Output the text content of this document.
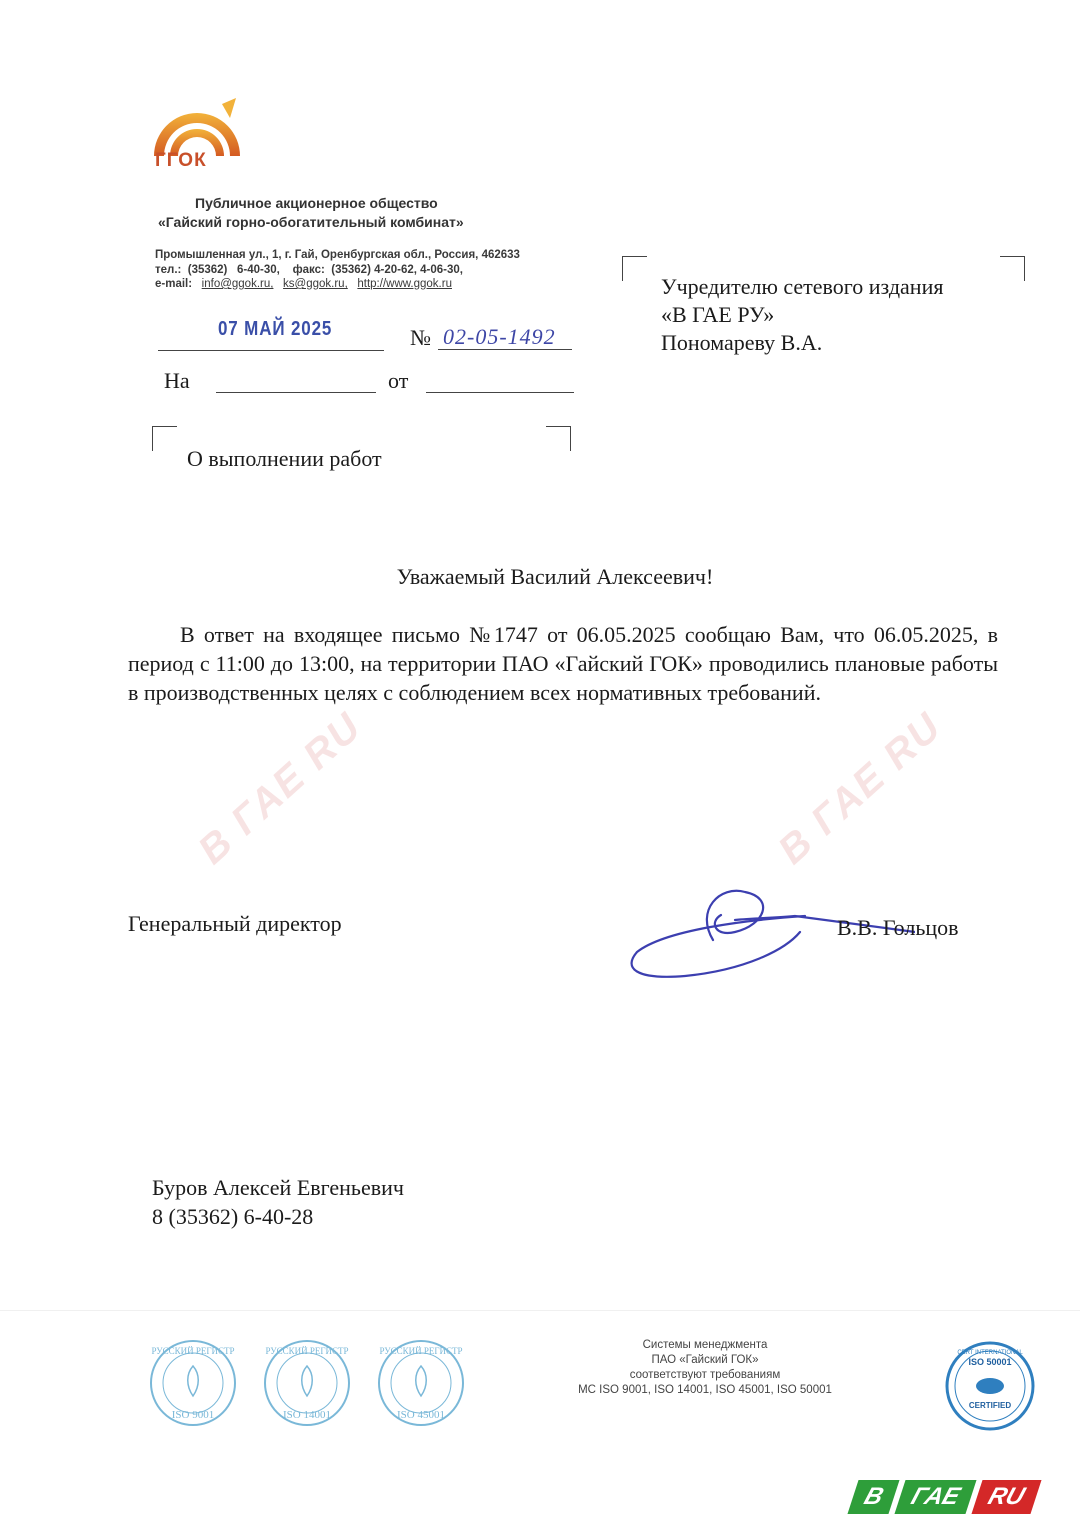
ГГОК
Публичное акционерное общество
«Гайский горно-обогатительный комбинат»
Промышленная ул., 1, г. Гай, Оренбургская обл., Россия, 462633
тел.:  (35362)   6-40-30,    факс:  (35362) 4-20-62, 4-06-30,
e-mail: info@ggok.ru, ks@ggok.ru, http://www.ggok.ru
07 МАЙ 2025	№ 02-05-1492
На	от
О выполнении работ
Учредителю сетевого издания
«В ГАЕ РУ»
Пономареву В.А.
В ГАЕ RU	В ГАЕ RU
Уважаемый Василий Алексеевич!
В ответ на входящее письмо №1747 от 06.05.2025 сообщаю Вам, что 06.05.2025, в период с 11:00 до 13:00, на территории ПАО «Гайский ГОК» проводились плановые работы в производственных целях с соблюдением всех нормативных требований.
Генеральный директор	В.В. Гольцов
Буров Алексей Евгеньевич
8 (35362) 6-40-28
РУССКИЙ РЕГИСТР
ISO 9001
РУССКИЙ РЕГИСТР
ISO 14001
РУССКИЙ РЕГИСТР
ISO 45001
Системы менеджмента
ПАО «Гайский ГОК»
соответствуют требованиям
МС ISO 9001, ISO 14001, ISO 45001, ISO 50001
CERT INTERNATIONAL
ISO 50001
CERTIFIED
В ГАЕ RU
